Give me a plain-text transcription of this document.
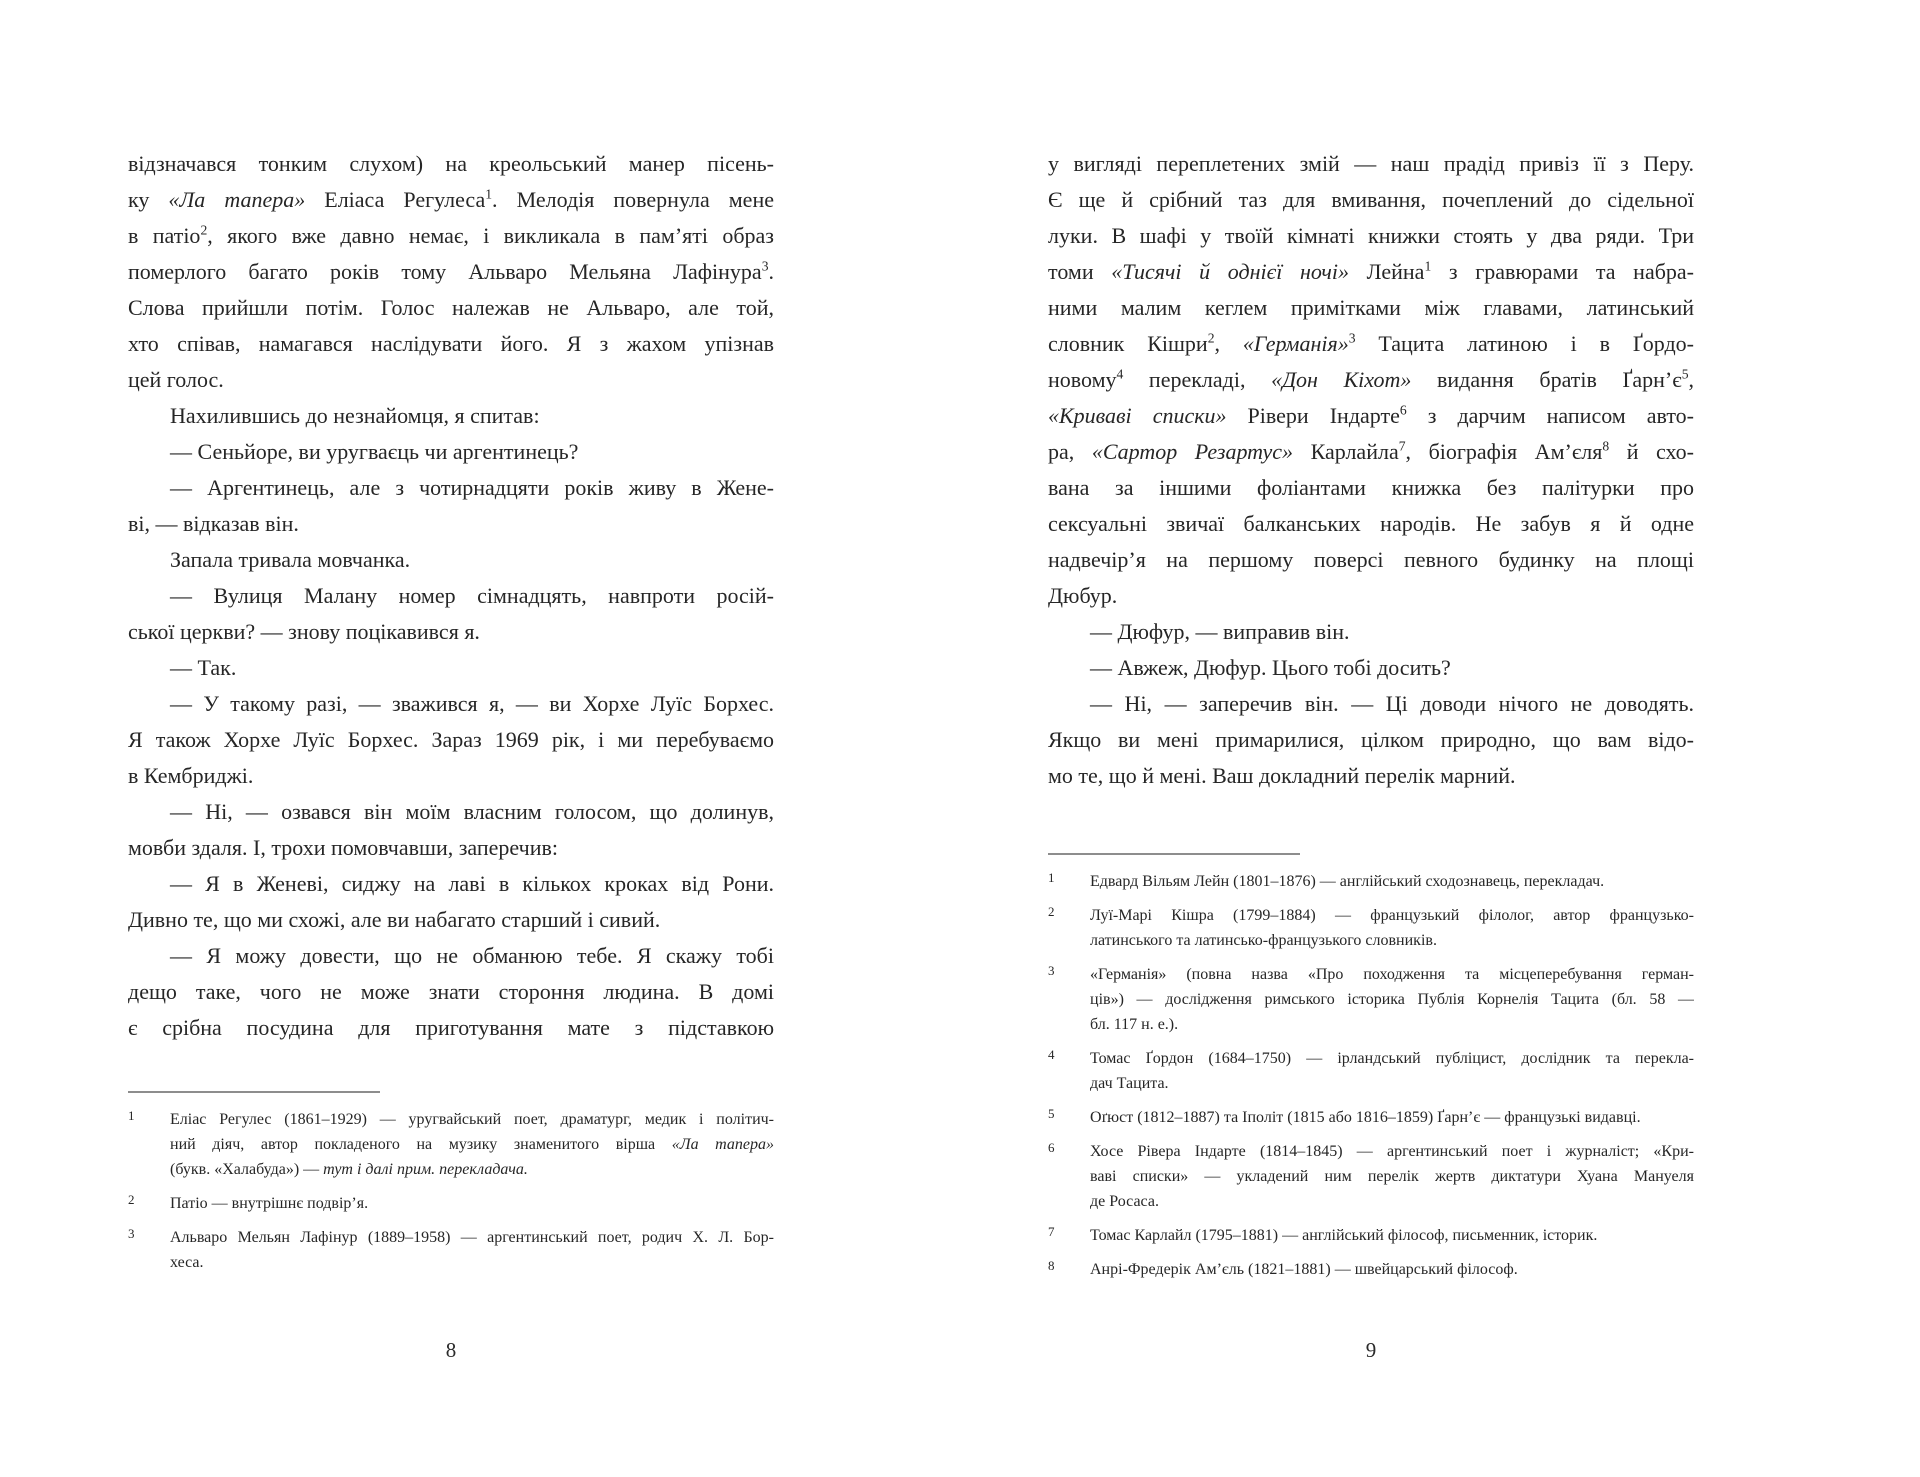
відзначався тонким слухом) на креольський манер пісень-
ку «Ла тапера» Еліаса Регулеса$^1$. Мелодія повернула мене
в патіо$^2$, якого вже давно немає, і викликала в пам’яті образ
померлого багато років тому Альваро Мельяна Лафінура$^3$.
Слова прийшли потім. Голос належав не Альваро, але той,
хто співав, намагався наслідувати його. Я з жахом упізнав
цей голос.
Нахилившись до незнайомця, я спитав:
— Сеньйоре, ви уругваєць чи аргентинець?
— Аргентинець, але з чотирнадцяти років живу в Жене-
ві, — відказав він.
Запала тривала мовчанка.
— Вулиця Малану номер сімнадцять, навпроти росій-
ської церкви? — знову поцікавився я.
— Так.
— У такому разі, — зважився я, — ви Хорхе Луїс Борхес.
Я також Хорхе Луїс Борхес. Зараз 1969 рік, і ми перебуваємо
в Кембриджі.
— Ні, — озвався він моїм власним голосом, що долинув,
мовби здаля. І, трохи помовчавши, заперечив:
— Я в Женеві, сиджу на лаві в кількох кроках від Рони.
Дивно те, що ми схожі, але ви набагато старший і сивий.
— Я можу довести, що не обманюю тебе. Я скажу тобі
дещо таке, чого не може знати стороння людина. В домі
є срібна посудина для приготування мате з підставкою
1	Еліас Регулес (1861–1929) — уругвайський поет, драматург, медик і політич-
ний діяч, автор покладеного на музику знаменитого вірша «Ла тапера»
(букв. «Халабуда») — тут і далі прим. перекладача.
2	Патіо — внутрішнє подвір’я.
3	Альваро Мельян Лафінур (1889–1958) — аргентинський поет, родич Х. Л. Бор-
хеса.
у вигляді переплетених змій — наш прадід привіз її з Перу.
Є ще й срібний таз для вмивання, почеплений до сідельної
луки. В шафі у твоїй кімнаті книжки стоять у два ряди. Три
томи «Тисячі й однієї ночі» Лейна$^1$ з гравюрами та набра-
ними малим кеглем примітками між главами, латинський
словник Кішри$^2$, «Германія»$^3$ Тацита латиною і в Ґордо-
новому$^4$ перекладі, «Дон Кіхот» видання братів $Ґарн’є^5$,
«Криваві списки» Рівери Індарте$^6$ з дарчим написом авто-
ра, «Сартор Резартус» Карлайла$^7$, біографія Ам’єля$^8$ й схо-
вана за іншими фоліантами книжка без палітурки про
сексуальні звичаї балканських народів. Не забув я й одне
надвечір’я на першому поверсі певного будинку на площі
Дюбур.
— Дюфур, — виправив він.
— Авжеж, Дюфур. Цього тобі досить?
— Ні, — заперечив він. — Ці доводи нічого не доводять.
Якщо ви мені примарилися, цілком природно, що вам відо-
мо те, що й мені. Ваш докладний перелік марний.
1	Едвард Вільям Лейн (1801–1876) — англійський сходознавець, перекладач.
2	Луї-Марі Кішра (1799–1884) — французький філолог, автор французько-
латинського та латинсько-французького словників.
3	«Германія» (повна назва «Про походження та місцеперебування герман-
ців») — дослідження римського історика Публія Корнелія Тацита (бл. 58 —
бл. 117 н. е.).
4	Томас Ґордон (1684–1750) — ірландський публіцист, дослідник та перекла-
дач Тацита.
5	Оґюст (1812–1887) та Іполіт (1815 або 1816–1859) Ґарн’є — французькі видавці.
6	Хосе Рівера Індарте (1814–1845) — аргентинський поет і журналіст; «Кри-
ваві списки» — укладений ним перелік жертв диктатури Хуана Мануеля
де Росаса.
7	Томас Карлайл (1795–1881) — англійський філософ, письменник, історик.
8	Анрі-Фредерік Ам’єль (1821–1881) — швейцарський філософ.
8	9
